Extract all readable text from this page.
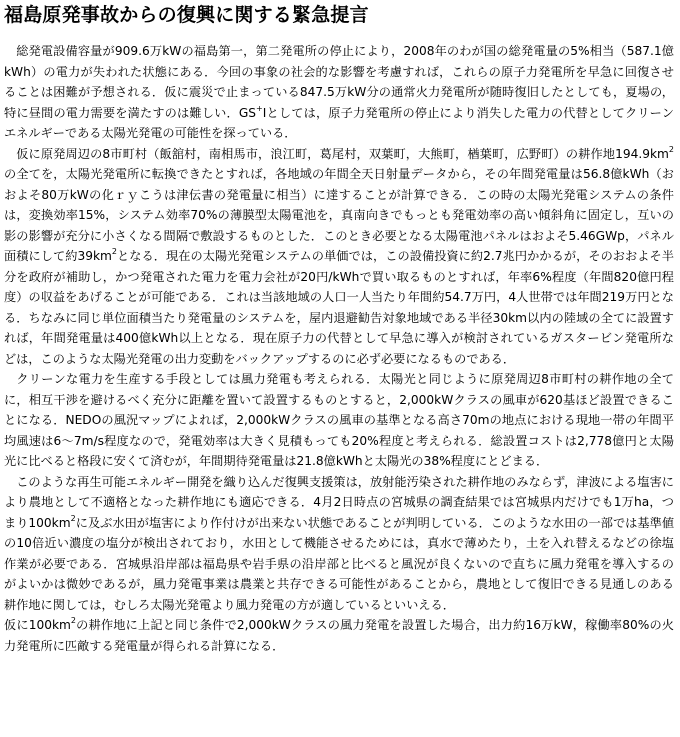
福島原発事故からの復興に関する緊急提言

総発電設備容量が909.6万kWの福島第一，第二発電所の停止により，2008年のわが国の総発電量の5%相当（587.1億kWh）の電力が失われた状態にある．今回の事象の社会的な影響を考慮すれば，これらの原子力発電所を早急に回復させることは困難が予想される．仮に震災で止まっている847.5万kW分の通常火力発電所が随時復旧したとしても，夏場の，特に昼間の電力需要を満たすのは難しい．GS+Iとしては，原子力発電所の停止により消失した電力の代替としてクリーンエネルギーである太陽光発電の可能性を探っている．

仮に原発周辺の8市町村（飯舘村，南相馬市，浪江町，葛尾村，双葉町，大熊町，楢葉町，広野町）の耕作地$194.9km^2$の全てを，太陽光発電所に転換できたとすれば，各地域の年間全天日射量データから，その年間発電量は56.8億kWh（おおよそ80万kWの化ｒｙこうは津伝書の発電量に相当）に達することが計算できる．この時の太陽光発電システムの条件は，変換効率15%，システム効率70%の薄膜型太陽電池を，真南向きでもっとも発電効率の高い傾斜角に固定し，互いの影の影響が充分に小さくなる間隔で敷設するものとした．このとき必要となる太陽電池パネルはおよそ5.46GWp，パネル面積にして約$39km^2$となる．現在の太陽光発電システムの単価では，この設備投資に約2.7兆円かかるが，そのおおよそ半分を政府が補助し，かつ発電された電力を電力会社が20円/kWhで買い取るものとすれば，年率6%程度（年間820億円程度）の収益をあげることが可能である．これは当該地域の人口一人当たり年間約54.7万円，4人世帯では年間219万円となる．ちなみに同じ単位面積当たり発電量のシステムを，屋内退避勧告対象地域である半径30km以内の陸域の全てに設置すれば，年間発電量は400億kWh以上となる．現在原子力の代替として早急に導入が検討されているガスタービン発電所などは，このような太陽光発電の出力変動をバックアップするのに必ず必要になるものである．

クリーンな電力を生産する手段としては風力発電も考えられる．太陽光と同じように原発周辺8市町村の耕作地の全てに，相互干渉を避けるべく充分に距離を置いて設置するものとすると，2,000kWクラスの風車が620基ほど設置できることになる．NEDOの風況マップによれば，2,000kWクラスの風車の基準となる高さ70mの地点における現地一帯の年間平均風速は6～7m/s程度なので，発電効率は大きく見積もっても20%程度と考えられる．総設置コストは2,778億円と太陽光に比べると格段に安くて済むが，年間期待発電量は21.8億kWhと太陽光の38%程度にとどまる．

このような再生可能エネルギー開発を織り込んだ復興支援策は，放射能汚染された耕作地のみならず，津波による塩害により農地として不適格となった耕作地にも適応できる．4月2日時点の宮城県の調査結果では宮城県内だけでも1万ha，つまり$100km^2$に及ぶ水田が塩害により作付けが出来ない状態であることが判明している．このような水田の一部では基準値の10倍近い濃度の塩分が検出されており，水田として機能させるためには，真水で薄めたり，土を入れ替えるなどの徐塩作業が必要である．宮城県沿岸部は福島県や岩手県の沿岸部と比べると風況が良くないので直ちに風力発電を導入するのがよいかは微妙であるが，風力発電事業は農業と共存できる可能性があることから，農地として復旧できる見通しのある耕作地に関しては，むしろ太陽光発電より風力発電の方が適しているといいえる．

仮に$100km^2$の耕作地に上記と同じ条件で2,000kWクラスの風力発電を設置した場合，出力約16万kW，稼働率80%の火力発電所に匹敵する発電量が得られる計算になる．
